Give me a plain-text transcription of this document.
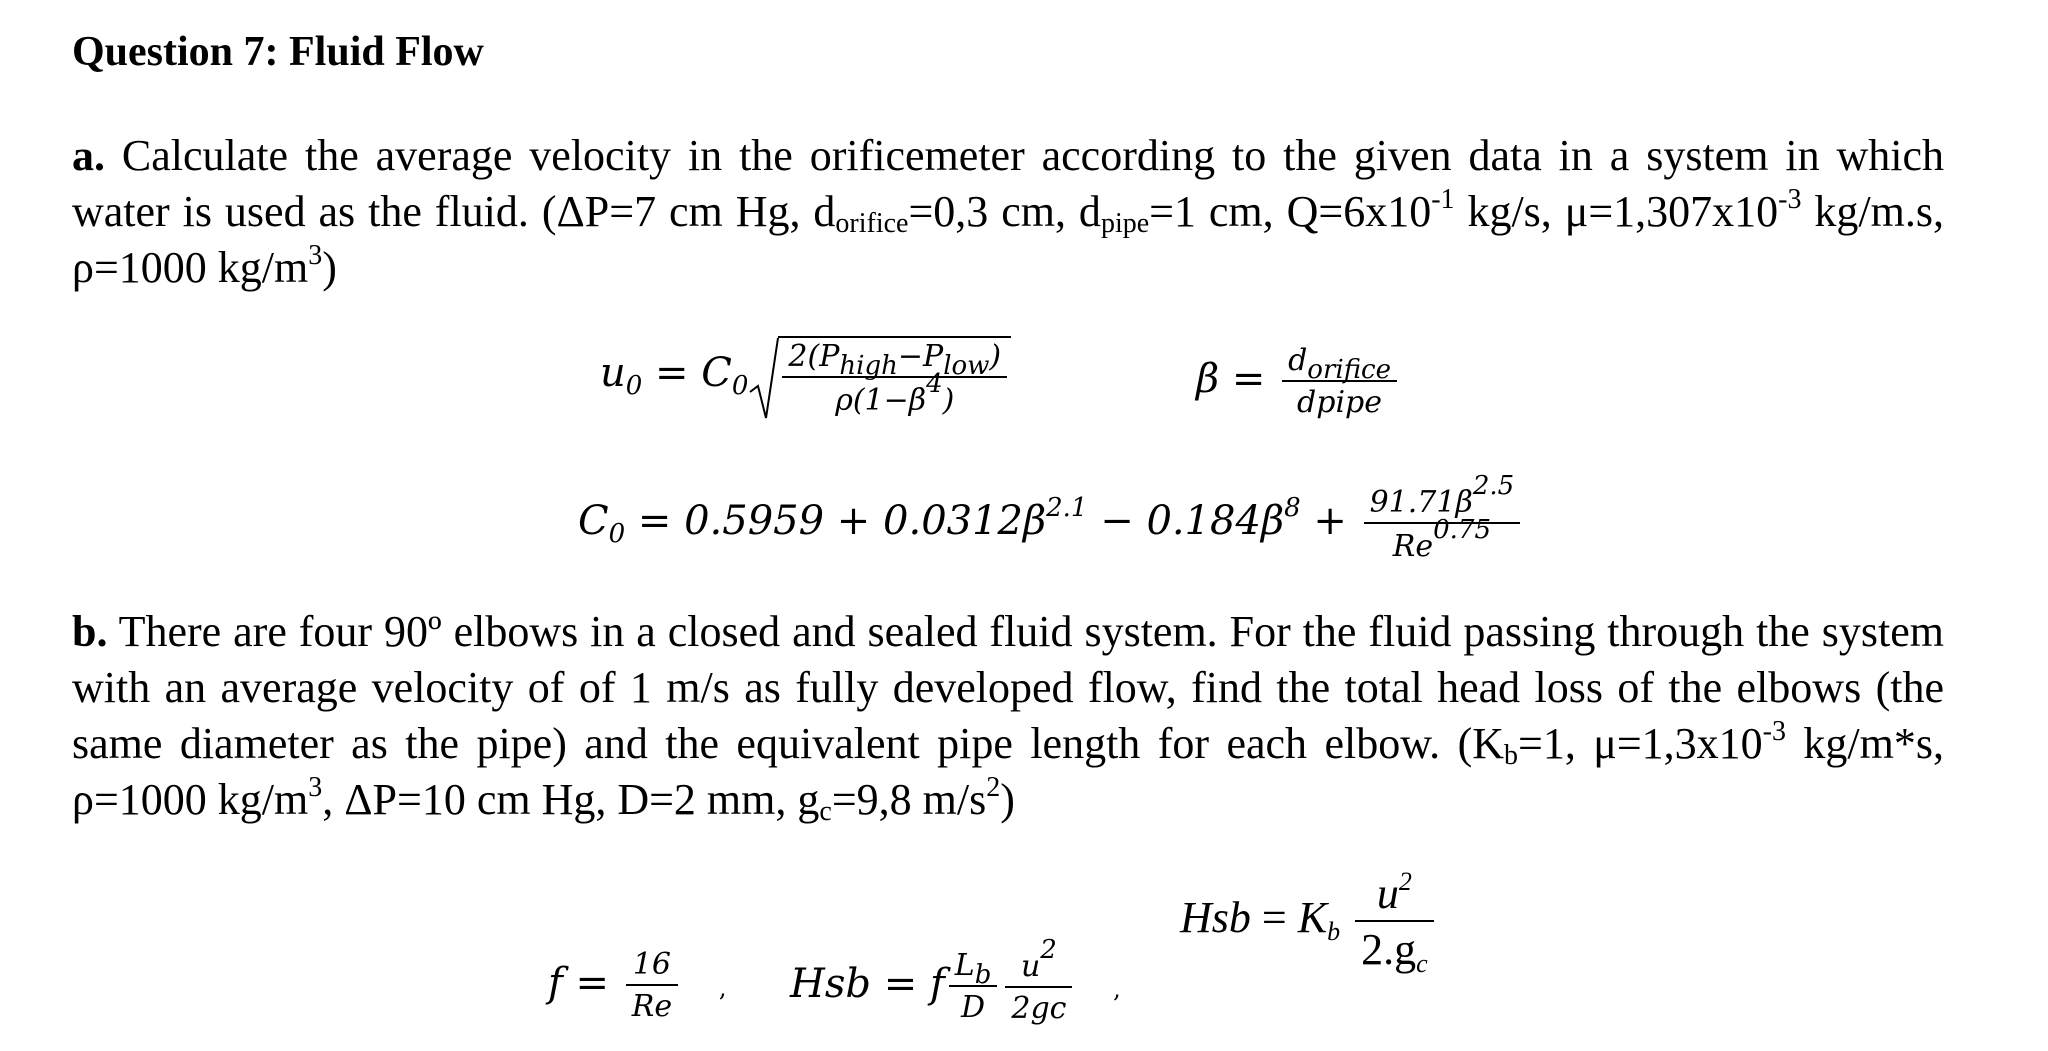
Question 7: Fluid Flow
a. Calculate the average velocity in the orificemeter according to the given data in a system in which
water is used as the fluid. (ΔP=7 cm Hg, $d_{orifice}=0,3$ cm, $d_{pipe}=1$ cm, $Q=6x10^{-1}$ kg/s, $\mu=1,307x10^{-3}$ kg/m.s,
ρ=1000 $kg/m^3$)
$u_0 = C_0 \frac{\text{2(Phigh−Plow)}}{\rho(1-\beta 4)}$	$\beta = \frac{\text{dorifice}}{\text{dpipe}}$
$C_0 = 0.5959 + 0.0312\beta^{2.1} - 0.184\beta^8 + \frac{91.71\beta 2.5}{Re0.75}$
b. There are four 90º elbows in a closed and sealed fluid system. For the fluid passing through the system
with an average velocity of of 1 m/s as fully developed flow, find the total head loss of the elbows (the
same diameter as the pipe) and the equivalent pipe length for each elbow. ($K_b=1$, $\mu=1,3x10^{-3}$ kg/m*s,
ρ=1000 $kg/m^3$, ΔP=10 cm Hg, D=2 mm, $g_c=9,8$ $m/s^2$)
Hsb = Kb $\frac{u^2}{2.gc}$
$f = \frac{16}{Re}$ , Hsb = f $\frac{Lb}{D} \frac{u2}{2gc}$ ,
